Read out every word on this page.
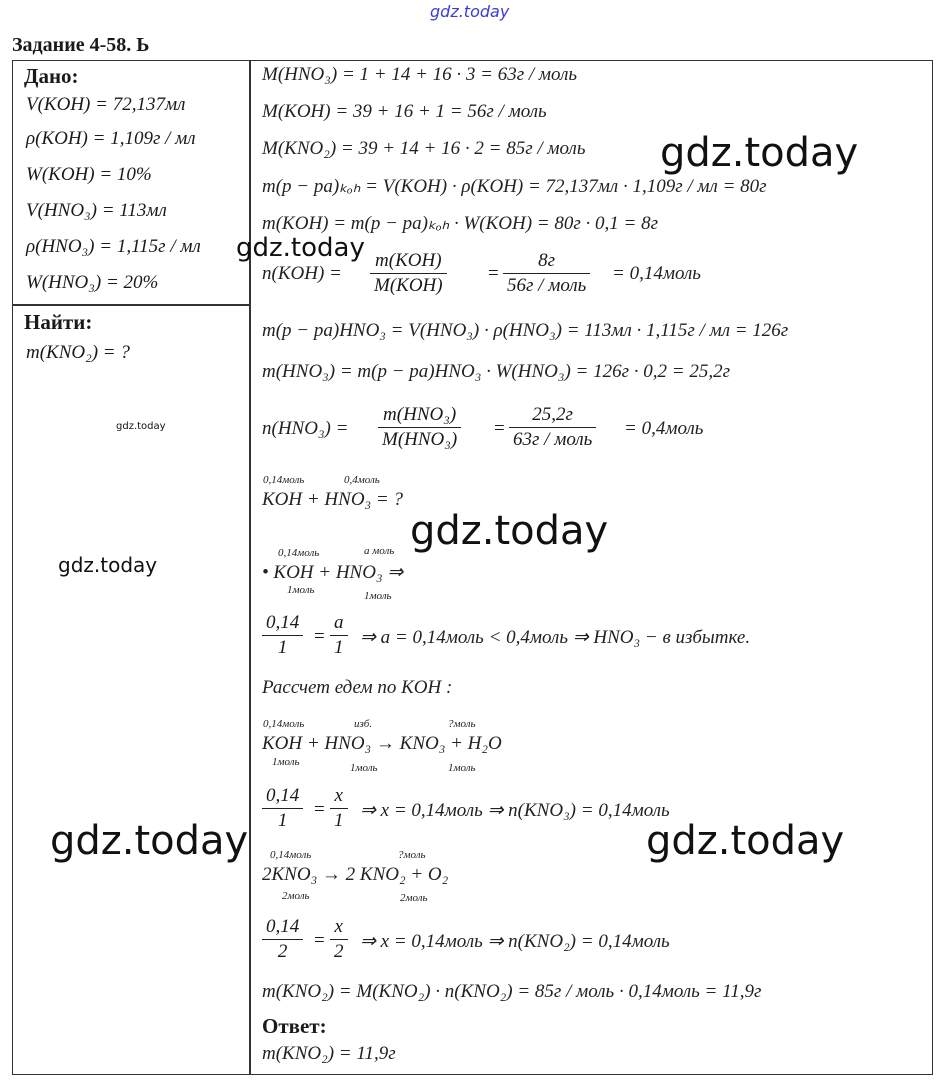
gdz.today
Задание 4-58. Ь
Дано:
V(KOH) = 72,137мл
ρ(KOH) = 1,109г / мл
W(KOH) = 10%
V(HNO₃) = 113мл
ρ(HNO₃) = 1,115г / мл
W(HNO₃) = 20%
Найти:
m(KNO₂) = ?
M(HNO₃) = 1 + 14 + 16 · 3 = 63г / моль
M(KOH) = 39 + 16 + 1 = 56г / моль
M(KNO₂) = 39 + 14 + 16 · 2 = 85г / моль
m(p − pa)ₖₒₕ = V(KOH) · ρ(KOH) = 72,137мл · 1,109г / мл = 80г
m(KOH) = m(p − pa)ₖₒₕ · W(KOH) = 80г · 0,1 = 8г
n(KOH) =
m(KOH)
M(KOH)
=
8г
56г / моль
= 0,14моль
m(p − pa)HNO₃ = V(HNO₃) · ρ(HNO₃) = 113мл · 1,115г / мл = 126г
m(HNO₃) = m(p − pa)HNO₃ · W(HNO₃) = 126г · 0,2 = 25,2г
n(HNO₃) =
m(HNO₃)
M(HNO₃)
=
25,2г
63г / моль
= 0,4моль
0,14моль	0,4моль
KOH + HNO₃ = ?
0,14моль	а моль
• KOH + HNO₃ ⇒
1моль	1моль
$\frac{0,14}{1}$ =
а
1 ⇒ а = 0,14моль < 0,4моль ⇒ HNO₃ − в избытке.
Рассчет едем по KOH :
0,14моль	изб.	?моль
KOH + HNO₃ → KNO₃ + H₂O
1моль	1моль	1моль
$\frac{0,14}{1} = \frac{x}{1}$ ⇒ x = 0,14моль ⇒ n(KNO₃) = 0,14моль
0,14моль	?моль
2KNO₃ → 2 KNO₂ + O₂
2моль	2моль
$\frac{0,14}{2} = \frac{x}{2}$ ⇒ x = 0,14моль ⇒ n(KNO₂) = 0,14моль
m(KNO₂) = M(KNO₂) · n(KNO₂) = 85г / моль · 0,14моль = 11,9г
Ответ:
m(KNO₂) = 11,9г
gdz.today
gdz.today
gdz.today
gdz.today
gdz.today
gdz.today	gdz.today
